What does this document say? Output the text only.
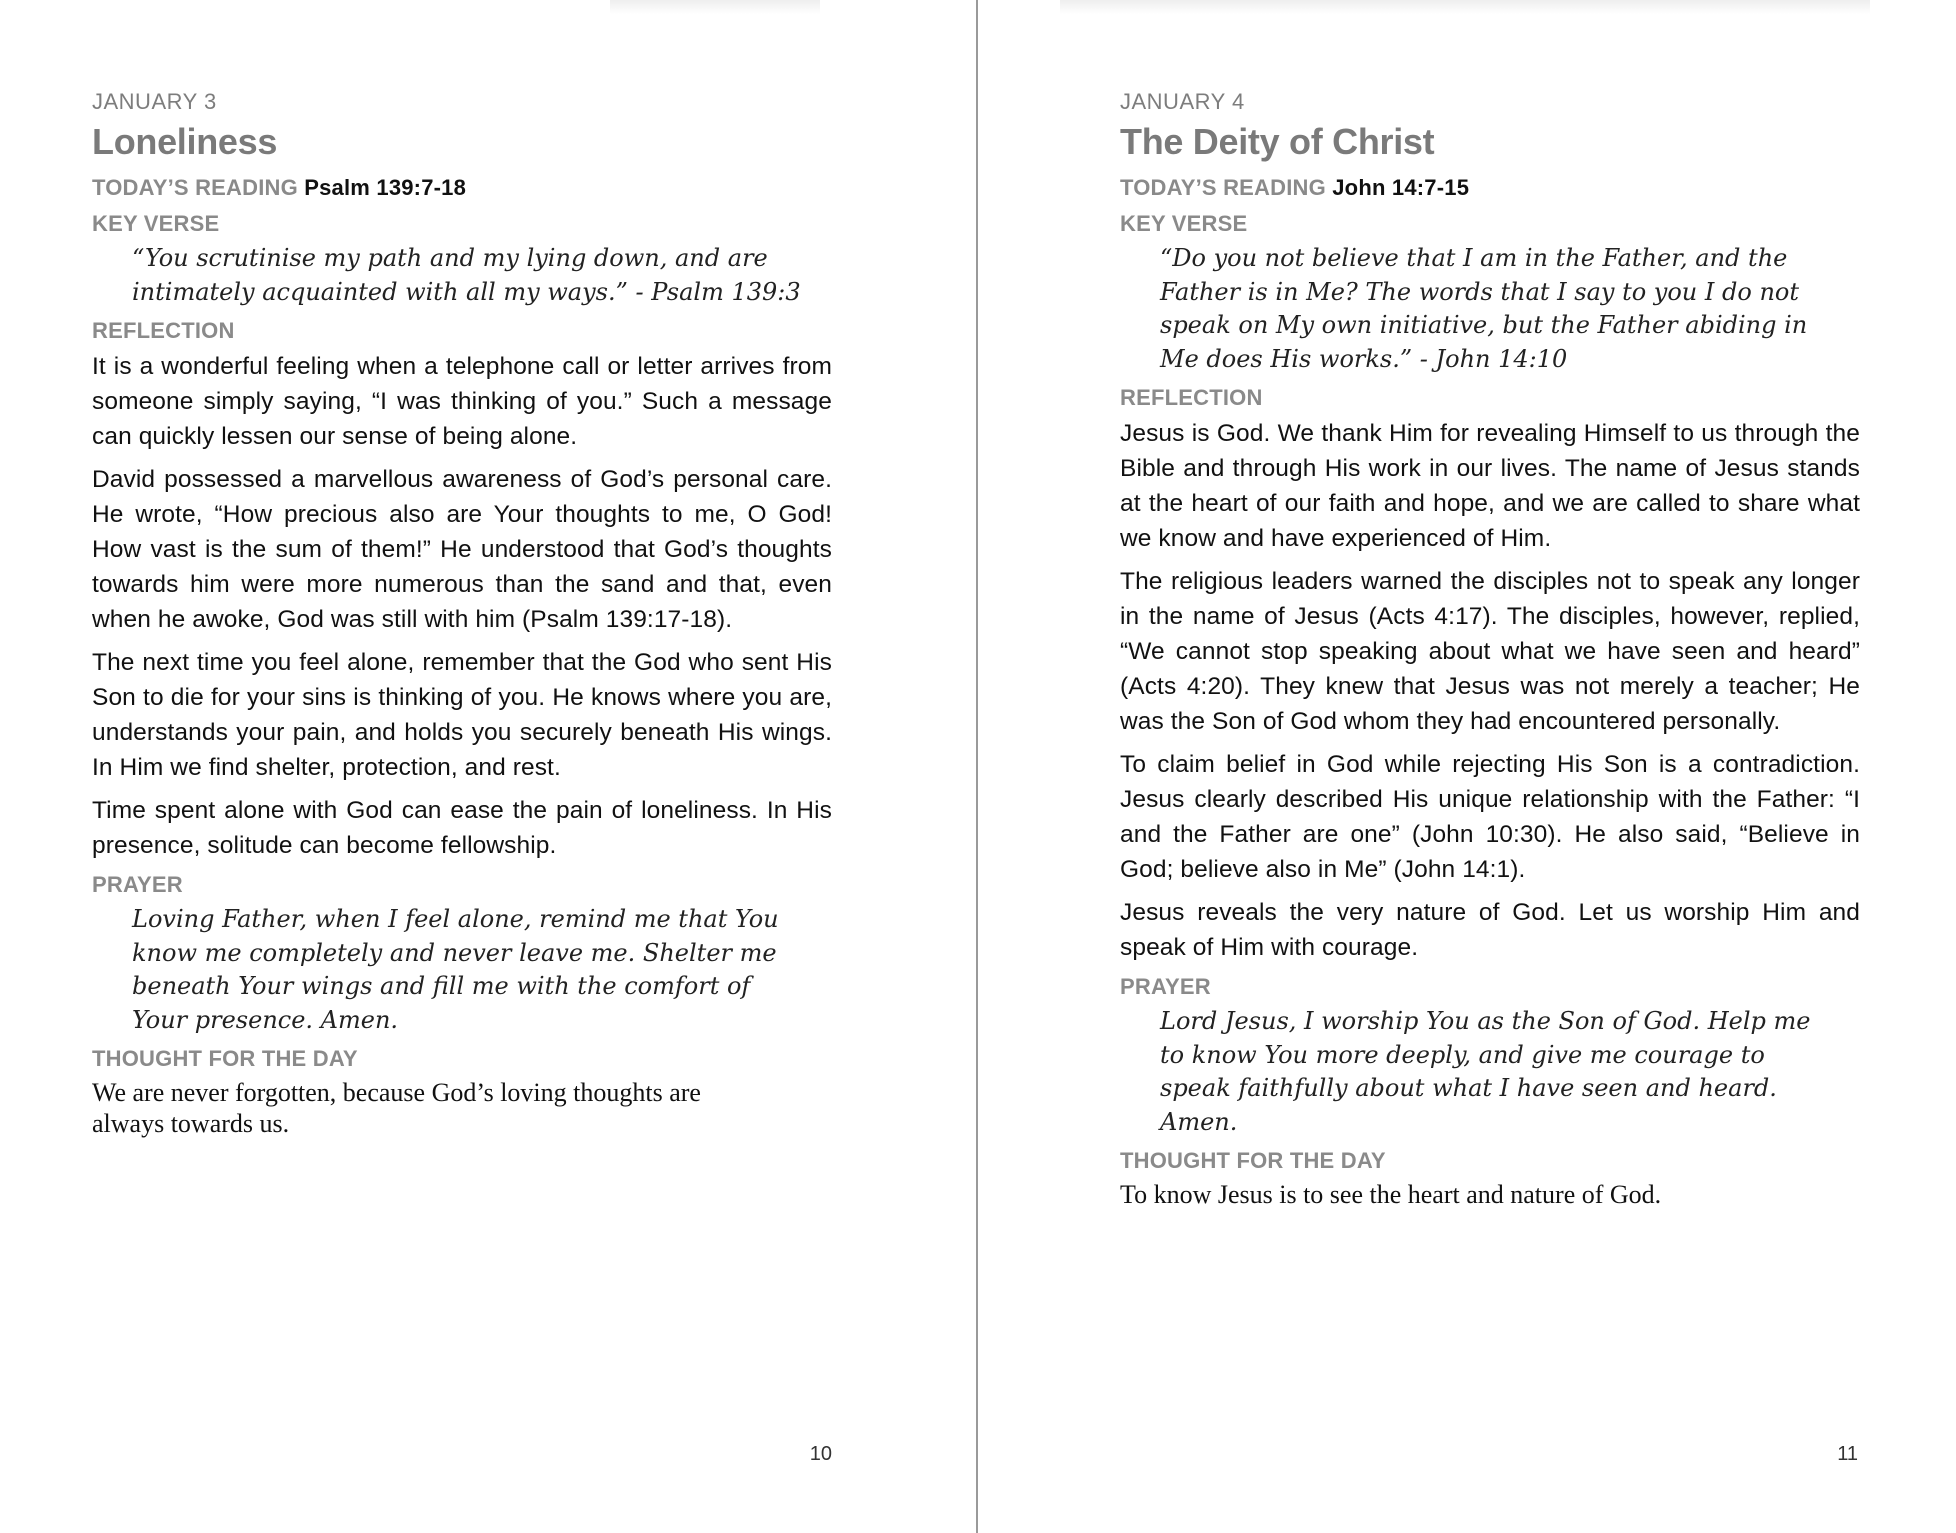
JANUARY 3
Loneliness
TODAY’S READING Psalm 139:7-18
KEY VERSE
“You scrutinise my path and my lying down, and are intimately acquainted with all my ways.” - Psalm 139:3
REFLECTION

It is a wonderful feeling when a telephone call or letter arrives from someone simply saying, “I was thinking of you.” Such a message can quickly lessen our sense of being alone.

David possessed a marvellous awareness of God’s personal care. He wrote, “How precious also are Your thoughts to me, O God! How vast is the sum of them!” He understood that God’s thoughts towards him were more numerous than the sand and that, even when he awoke, God was still with him (Psalm 139:17-18).

The next time you feel alone, remember that the God who sent His Son to die for your sins is thinking of you. He knows where you are, understands your pain, and holds you securely beneath His wings. In Him we find shelter, protection, and rest.

Time spent alone with God can ease the pain of loneliness. In His presence, solitude can become fellowship.

PRAYER
Loving Father, when I feel alone, remind me that You know me completely and never leave me. Shelter me beneath Your wings and fill me with the comfort of Your presence. Amen.
THOUGHT FOR THE DAY
We are never forgotten, because God’s loving thoughts are always towards us.
10
JANUARY 4
The Deity of Christ
TODAY’S READING John 14:7-15
KEY VERSE
“Do you not believe that I am in the Father, and the Father is in Me? The words that I say to you I do not speak on My own initiative, but the Father abiding in Me does His works.” - John 14:10
REFLECTION

Jesus is God. We thank Him for revealing Himself to us through the Bible and through His work in our lives. The name of Jesus stands at the heart of our faith and hope, and we are called to share what we know and have experienced of Him.

The religious leaders warned the disciples not to speak any longer in the name of Jesus (Acts 4:17). The disciples, however, replied, “We cannot stop speaking about what we have seen and heard” (Acts 4:20). They knew that Jesus was not merely a teacher; He was the Son of God whom they had encountered personally.

To claim belief in God while rejecting His Son is a contradiction. Jesus clearly described His unique relationship with the Father: “I and the Father are one” (John 10:30). He also said, “Believe in God; believe also in Me” (John 14:1).

Jesus reveals the very nature of God. Let us worship Him and speak of Him with courage.

PRAYER
Lord Jesus, I worship You as the Son of God. Help me to know You more deeply, and give me courage to speak faithfully about what I have seen and heard. Amen.
THOUGHT FOR THE DAY
To know Jesus is to see the heart and nature of God.
11
